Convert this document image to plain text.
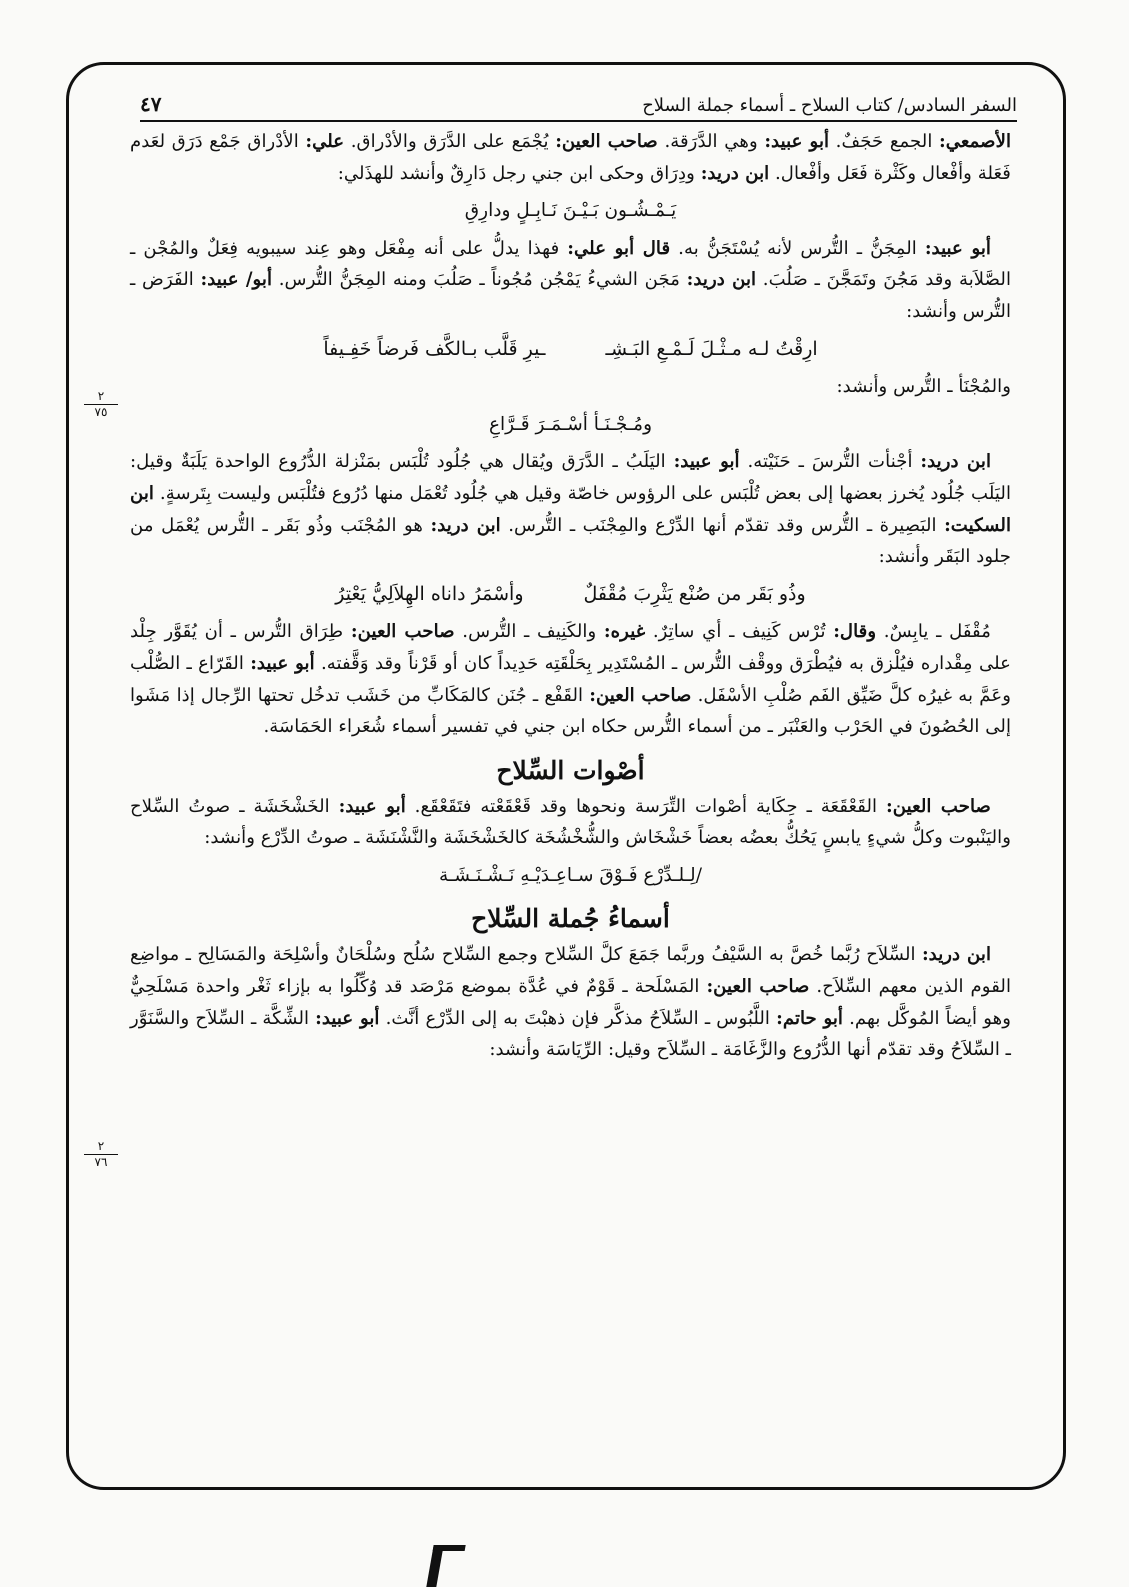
السفر السادس/ كتاب السلاح ـ أسماء جملة السلاح
٤٧
٢
٧٥
٢
٧٦

الأصمعي: الجمع حَجَفٌ. أبو عبيد: وهي الدَّرَقة. صاحب العين: يُجْمَع على الدَّرَق والأدْراق. علي: الأدْراق جَمْع دَرَق لعَدم فَعَلة وأفْعال وكَثْرة فَعَل وأفْعال. ابن دريد: ودِرَاق وحكى ابن جني رجل دَارِقٌ وأنشد للهذَلي:

يَـمْـشُـون بَـيْـنَ نَـابِـلٍ ودارِقِ

أبو عبيد: المِجَنُّ ـ التُّرس لأنه يُسْتَجَنُّ به. قال أبو علي: فهذا يدلُّ على أنه مِفْعَل وهو عِند سيبويه فِعَلٌ والمُجْن ـ الصَّلاَبة وقد مَجُنَ وتَمَجَّنَ ـ صَلُبَ. ابن دريد: مَجَن الشيءُ يَمْجُن مُجُوناً ـ صَلُبَ ومنه المِجَنُّ التُّرس. أبو/ عبيد: الفَرَض ـ التُّرس وأنشد:

ارِقْتُ لـه مـثْـلَ لَـمْـعِ البَـشِـ
ـيرِ قَلَّب بـالكَّف فَرضاً خَفِـيفاً

والمُجْنَأ ـ التُّرس وأنشد:

ومُـجْـنَـأ أسْـمَـرَ قَـرَّاعِ

ابن دريد: أجْنأت التُّرسَ ـ حَنَيْته. أبو عبيد: اليَلَبُ ـ الدَّرَق ويُقال هي جُلُود تُلْبَس بمَنْزلة الدُّرُوع الواحدة يَلَبَةٌ وقيل: اليَلَب جُلُود يُخرز بعضها إلى بعض تُلْبَس على الرؤوس خاصّة وقيل هي جُلُود تُعْمَل منها دُرُوع فتُلْبَس وليست بِتَرسةٍ. ابن السكيت: البَصِيرة ـ التُّرس وقد تقدّم أنها الدِّرْع والمِجْنَب ـ التُّرس. ابن دريد: هو المُجْنَب وذُو بَقَر ـ التُّرس يُعْمَل من جلود البَقَر وأنشد:

وذُو بَقَر من صُنْع يَثْرِبَ مُقْفَلٌ
وأسْمَرُ داناه الهِلاَلِيُّ يَعْتِرُ

مُقْفَل ـ يابِسٌ. وقال: تُرْس كَنِيف ـ أي ساتِرٌ. غيره: والكَنِيف ـ التُّرس. صاحب العين: طِرَاق التُّرس ـ أن يُقَوَّر جِلْد على مِقْداره فيُلْزق به فيُطْرَق ووقْف التُّرس ـ المُسْتَدِير بِحَلْقَتِه حَدِيداً كان أو قَرْناً وقد وَقَّفته. أبو عبيد: القَرّاع ـ الصُّلْب وعَمَّ به غيرُه كلَّ ضَيِّق الفَم صُلْبِ الأسْفَل. صاحب العين: القَفْع ـ جُنَن كالمَكَابِّ من خَشَب تدخُل تحتها الرِّجال إذا مَشَوا إلى الحُصُونَ في الحَرْب والعَنْبَر ـ من أسماء التُّرس حكاه ابن جني في تفسير أسماء شُعَراء الحَمَاسَة.

أصْوات السِّلاح

صاحب العين: القَعْقَعَة ـ حِكَاية أصْوات التِّرَسة ونحوها وقد قَعْقَعْته فتَقَعْقَع. أبو عبيد: الخَشْخَشَة ـ صوتُ السِّلاح واليَنْبوت وكلُّ شيءٍ يابسٍ يَحُكُّ بعضُه بعضاً خَشْخَاش والشُّخْشُخَة كالخَشْخَشَة والنَّشْنَشَة ـ صوتُ الدِّرْع وأنشد:

/لِـلـدِّرْع فَـوْقَ سـاعِـدَيْـهِ نَـشْـنَـشَـة
أسماءُ جُملة السِّلاح

ابن دريد: السِّلاَح رُبَّما خُصَّ به السَّيْفُ وربَّما جَمَعَ كلَّ السِّلاح وجمع السِّلاح سُلُح وسُلْحَانٌ وأسْلِحَة والمَسَالِح ـ مواضِع القوم الذين معهم السِّلاَح. صاحب العين: المَسْلَحة ـ قَوْمٌ في عُدَّة بموضع مَرْصَد قد وُكِّلُوا به بإزاء ثَغْر واحدة مَسْلَحِيٌّ وهو أيضاً المُوكَّل بهم. أبو حاتم: اللَّبُوس ـ السِّلاَحُ مذكَّر فإن ذهبْتَ به إلى الدِّرْع أنَّث. أبو عبيد: الشِّكَّة ـ السِّلاَح والسَّنَوَّر ـ السِّلاَحُ وقد تقدّم أنها الدُّرُوع والزَّغَامَة ـ السِّلاَح وقيل: الرِّيَاسَة وأنشد:
